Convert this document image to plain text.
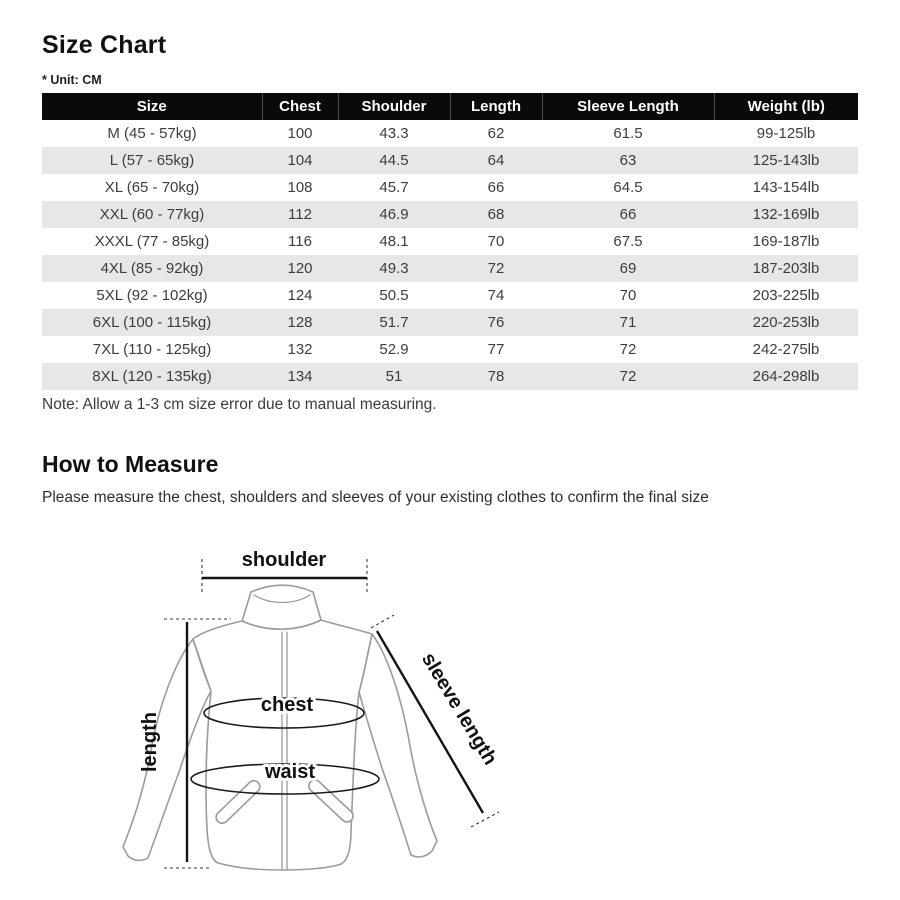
Size Chart
* Unit: CM
Size	Chest	Shoulder	Length	Sleeve Length	Weight (lb)
M (45 - 57kg)	100	43.3	62	61.5	99-125lb
L (57 - 65kg)	104	44.5	64	63	125-143lb
XL (65 - 70kg)	108	45.7	66	64.5	143-154lb
XXL (60 - 77kg)	112	46.9	68	66	132-169lb
XXXL (77 - 85kg)	116	48.1	70	67.5	169-187lb
4XL (85 - 92kg)	120	49.3	72	69	187-203lb
5XL (92 - 102kg)	124	50.5	74	70	203-225lb
6XL (100 - 115kg)	128	51.7	76	71	220-253lb
7XL (110 - 125kg)	132	52.9	77	72	242-275lb
8XL (120 - 135kg)	134	51	78	72	264-298lb
Note: Allow a 1-3 cm size error due to manual measuring.
How to Measure

Please measure the chest, shoulders and sleeves of your existing clothes to confirm the final size

shoulder
chest
waist
length	sleeve length
